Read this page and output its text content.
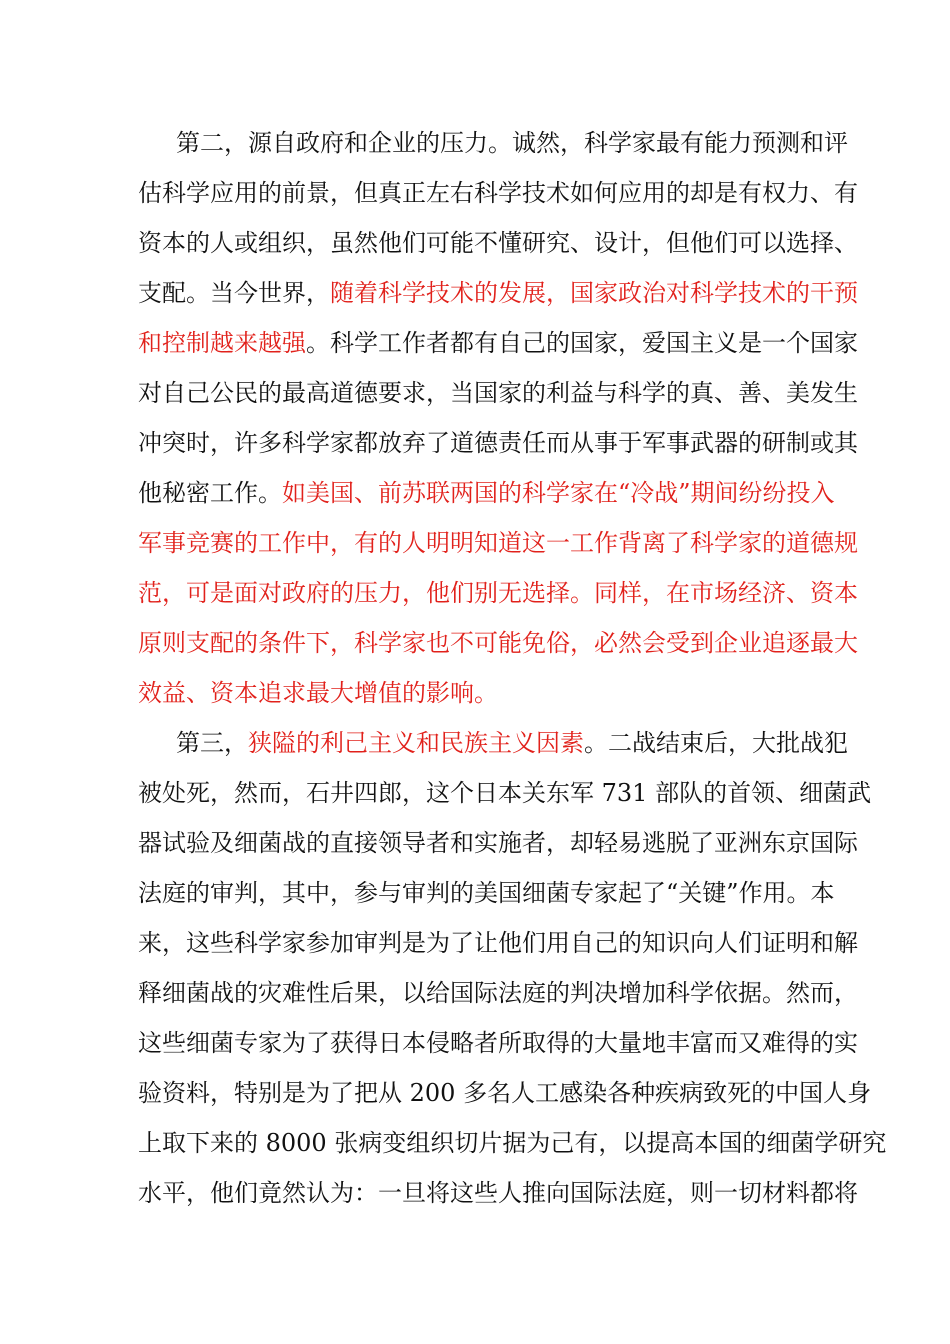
第二，源自政府和企业的压力。诚然，科学家最有能力预测和评
估科学应用的前景，但真正左右科学技术如何应用的却是有权力、有
资本的人或组织，虽然他们可能不懂研究、设计，但他们可以选择、
支配。当今世界，随着科学技术的发展，国家政治对科学技术的干预
和控制越来越强。科学工作者都有自己的国家，爱国主义是一个国家
对自己公民的最高道德要求，当国家的利益与科学的真、善、美发生
冲突时，许多科学家都放弃了道德责任而从事于军事武器的研制或其
他秘密工作。如美国、前苏联两国的科学家在“冷战”期间纷纷投入
军事竞赛的工作中，有的人明明知道这一工作背离了科学家的道德规
范，可是面对政府的压力，他们别无选择。同样，在市场经济、资本
原则支配的条件下，科学家也不可能免俗，必然会受到企业追逐最大
效益、资本追求最大增值的影响。
第三，狭隘的利己主义和民族主义因素。二战结束后，大批战犯
被处死，然而，石井四郎，这个日本关东军 731 部队的首领、细菌武
器试验及细菌战的直接领导者和实施者，却轻易逃脱了亚洲东京国际
法庭的审判，其中，参与审判的美国细菌专家起了“关键”作用。本
来，这些科学家参加审判是为了让他们用自己的知识向人们证明和解
释细菌战的灾难性后果，以给国际法庭的判决增加科学依据。然而，
这些细菌专家为了获得日本侵略者所取得的大量地丰富而又难得的实
验资料，特别是为了把从 200 多名人工感染各种疾病致死的中国人身
上取下来的 8000 张病变组织切片据为己有，以提高本国的细菌学研究
水平，他们竟然认为：一旦将这些人推向国际法庭，则一切材料都将
